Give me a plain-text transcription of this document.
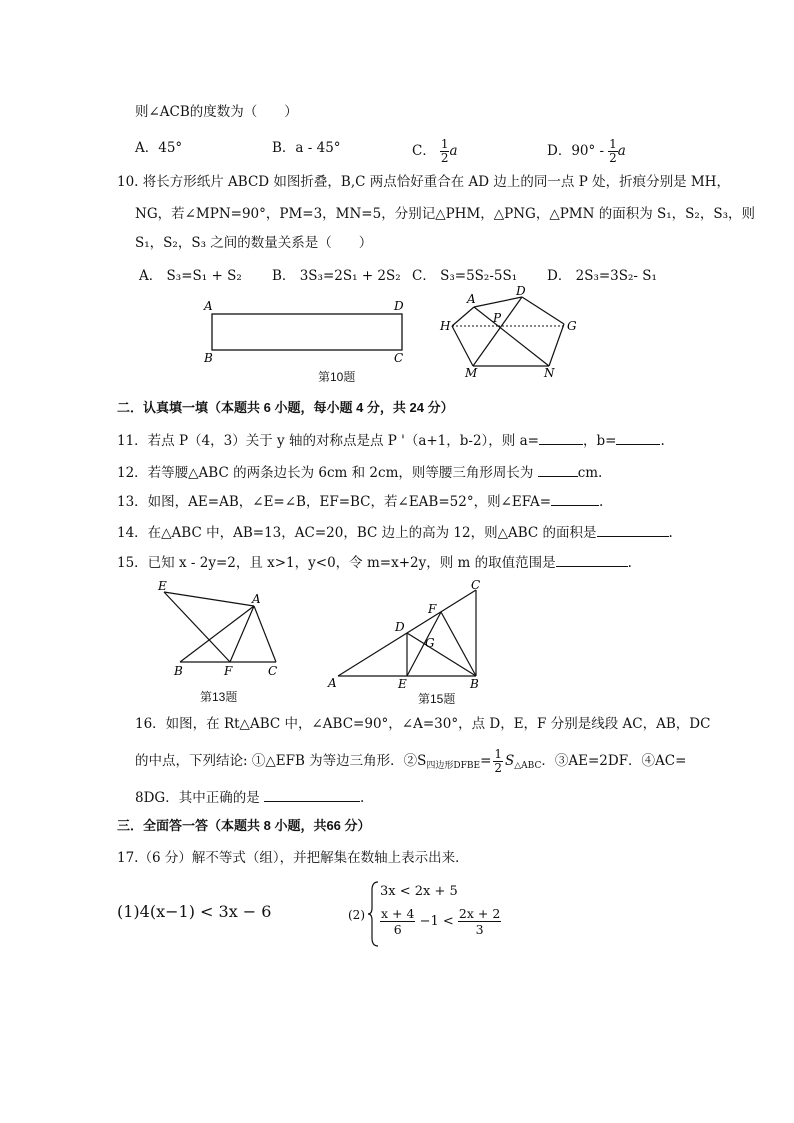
则∠ACB的度数为（　　）
A．45°	B．a - 45°	C． $\frac{1}{2}$ a	D．$90^\circ - \frac{1}{2}$ a
10. 将长方形纸片 ABCD 如图折叠，B,C 两点恰好重合在 AD 边上的同一点 P 处，折痕分别是 MH，
NG，若∠MPN=90°，PM=3，MN=5，分别记△PHM，△PNG，△PMN 的面积为 S₁，S₂，S₃，则
S₁，S₂，S₃ 之间的数量关系是（　　）
A． S₃=S₁ + S₂ B． 3S₃=2S₁ + 2S₂ C． S₃=5S₂-5S₁ D． 2S₃=3S₂- S₁
A	D
B	C
D
A
P
H	G
M	N
第10题
二．认真填一填（本题共 6 小题，每小题 4 分，共 24 分）
11．若点 P（4，3）关于 y 轴的对称点是点 P '（a+1，b-2），则 a=	，b=	.
12．若等腰△ABC 的两条边长为 6cm 和 2cm，则等腰三角形周长为	cm.
13．如图，AE=AB，∠E=∠B，EF=BC，若∠EAB=52°，则∠EFA=	.
14．在△ABC 中，AB=13，AC=20，BC 边上的高为 12，则△ABC 的面积是	.
15．已知 x - 2y=2，且 x>1，y<0，令 m=x+2y，则 m 的取值范围是	.
E
A
B	F	C
第13题
C
F
D
G
A	E	B
第15题
16．如图，在 Rt△ABC 中，∠ABC=90°，∠A=30°，点 D，E，F 分别是线段 AC，AB，DC
的中点，下列结论: ①△EFB 为等边三角形．$②S_{四边形DFBE}= \frac{1}{2} S_{\triangle ABC}$．③AE=2DF．④AC=
8DG．其中正确的是	.
三．全面答一答（本题共 8 小题，共66 分）
17.（6 分）解不等式（组），并把解集在数轴上表示出来．
(1)4(x−1) < 3x − 6	(2)
3x < 2x + 5
$\frac{x + 4}{6} -1 < \frac{2x + 2}{3}$
